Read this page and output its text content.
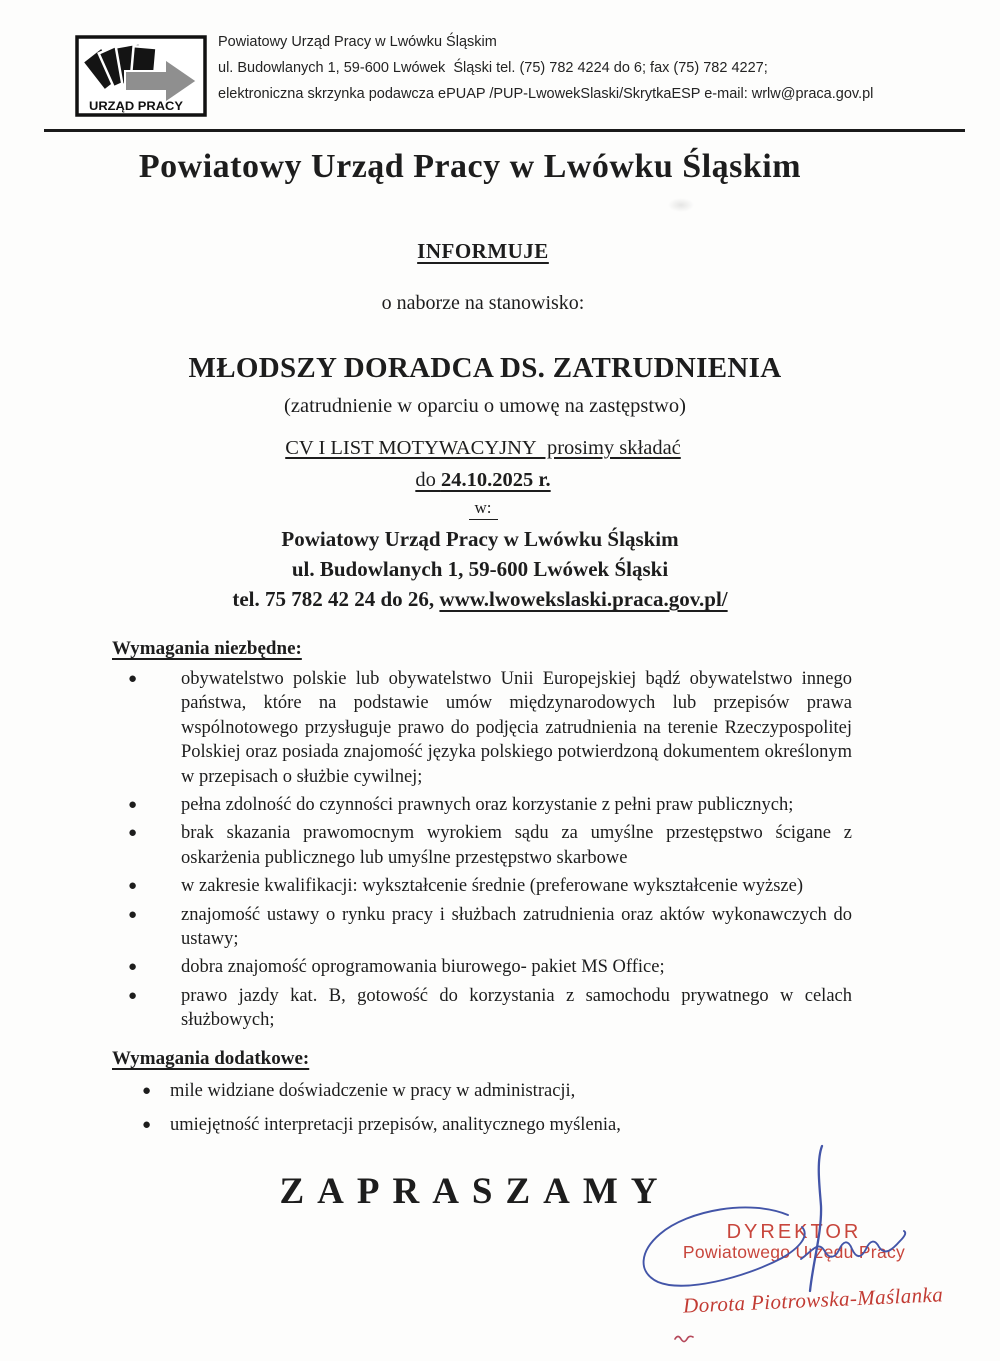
URZĄD PRACY
Powiatowy Urząd Pracy w Lwówku Śląskim
ul. Budowlanych 1, 59-600 Lwówek  Śląski tel. (75) 782 4224 do 6; fax (75) 782 4227;
elektroniczna skrzynka podawcza ePUAP /PUP-LwowekSlaski/SkrytkaESP e-mail: wrlw@praca.gov.pl
Powiatowy Urząd Pracy w Lwówku Śląskim
INFORMUJE
o naborze na stanowisko:
MŁODSZY DORADCA DS. ZATRUDNIENIA
(zatrudnienie w oparciu o umowę na zastępstwo)
CV I LIST MOTYWACYJNY  prosimy składać
do 24.10.2025 r.
w:
Powiatowy Urząd Pracy w Lwówku Śląskim
ul. Budowlanych 1, 59-600 Lwówek Śląski
tel. 75 782 42 24 do 26, www.lwowekslaski.praca.gov.pl/
Wymagania niezbędne:
●	obywatelstwo polskie lub obywatelstwo Unii Europejskiej bądź obywatelstwo innego państwa, które na podstawie umów międzynarodowych lub przepisów prawa wspólnotowego przysługuje prawo do podjęcia zatrudnienia na terenie Rzeczypospolitej Polskiej oraz posiada znajomość języka polskiego potwierdzoną dokumentem określonym w przepisach o służbie cywilnej;

●	pełna zdolność do czynności prawnych oraz korzystanie z pełni praw publicznych;

●	brak skazania prawomocnym wyrokiem sądu za umyślne przestępstwo ścigane z oskarżenia publicznego lub umyślne przestępstwo skarbowe

●	w zakresie kwalifikacji: wykształcenie średnie (preferowane wykształcenie wyższe)

●	znajomość ustawy o rynku pracy i służbach zatrudnienia oraz aktów wykonawczych do ustawy;

●	dobra znajomość oprogramowania biurowego- pakiet MS Office;

●	prawo jazdy kat. B, gotowość do korzystania z samochodu prywatnego w celach służbowych;

Wymagania dodatkowe:
●	mile widziane doświadczenie w pracy w administracji,

●	umiejętność interpretacji przepisów, analitycznego myślenia,

ZAPRASZAMY
DYREKTOR
Powiatowego Urzędu Pracy
Dorota Piotrowska-Maślanka
